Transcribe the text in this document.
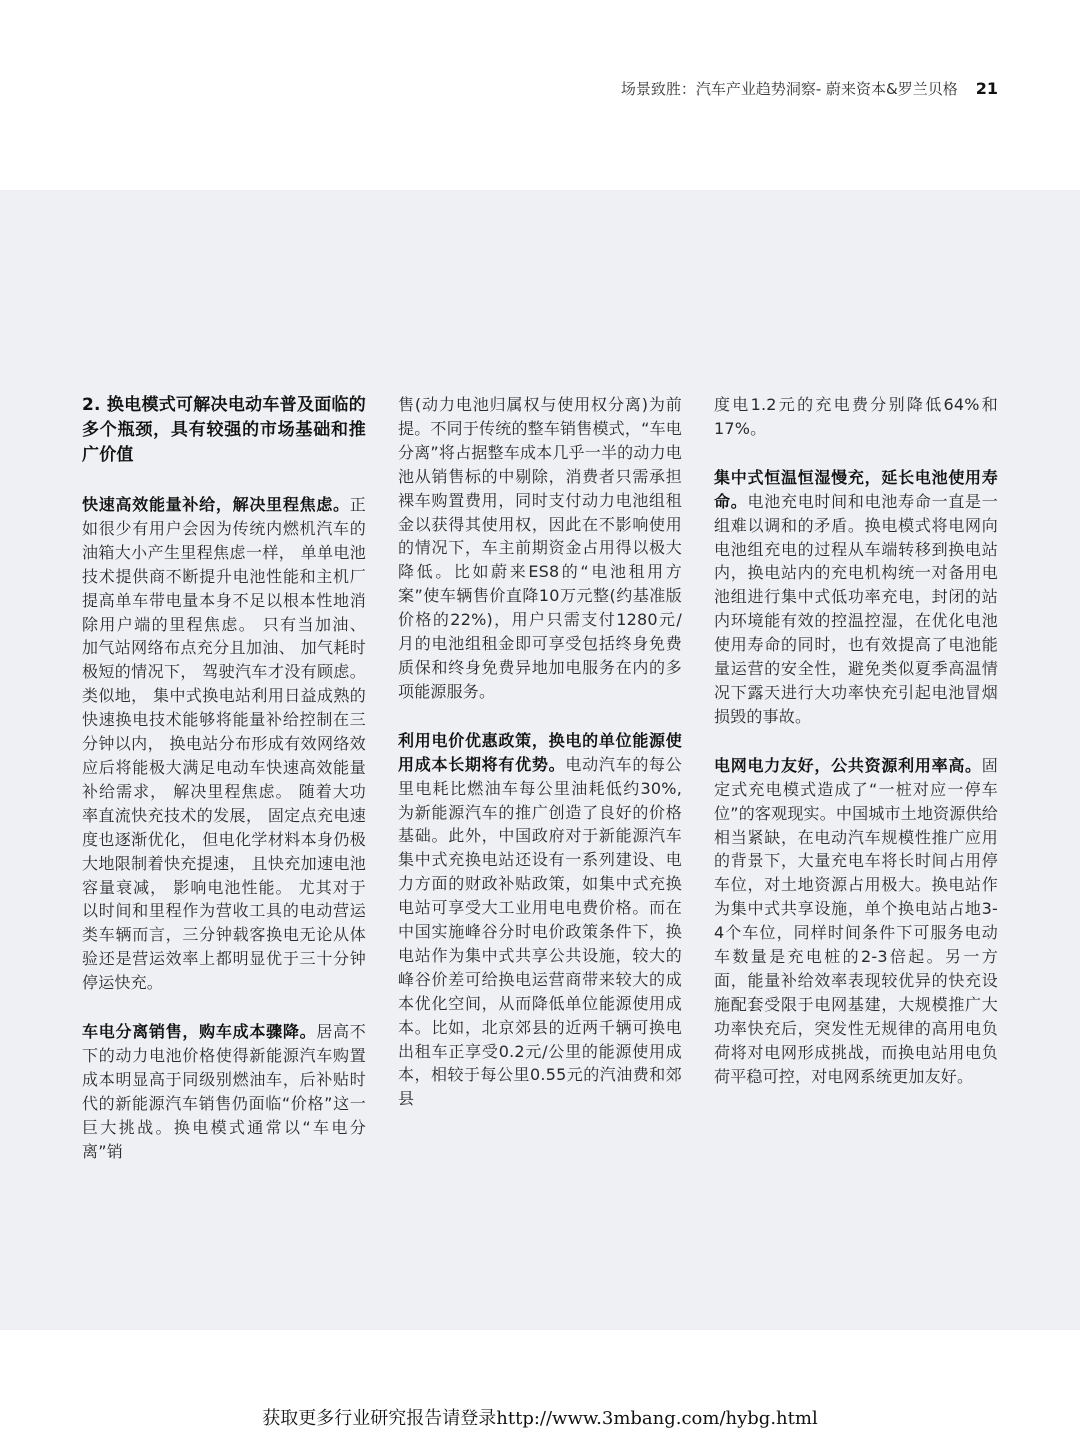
场景致胜：汽车产业趋势洞察- 蔚来资本&罗兰贝格 21

2. 换电模式可解决电动车普及面临的多个瓶颈，具有较强的市场基础和推广价值

快速高效能量补给，解决里程焦虑。正如很少有用户会因为传统内燃机汽车的油箱大小产生里程焦虑一样， 单单电池技术提供商不断提升电池性能和主机厂提高单车带电量本身不足以根本性地消除用户端的里程焦虑。 只有当加油、 加气站网络布点充分且加油、 加气耗时极短的情况下， 驾驶汽车才没有顾虑。 类似地， 集中式换电站利用日益成熟的快速换电技术能够将能量补给控制在三分钟以内， 换电站分布形成有效网络效应后将能极大满足电动车快速高效能量补给需求， 解决里程焦虑。 随着大功率直流快充技术的发展， 固定点充电速度也逐渐优化， 但电化学材料本身仍极大地限制着快充提速， 且快充加速电池容量衰减， 影响电池性能。 尤其对于以时间和里程作为营收工具的电动营运类车辆而言，三分钟载客换电无论从体验还是营运效率上都明显优于三十分钟停运快充。

车电分离销售，购车成本骤降。居高不下的动力电池价格使得新能源汽车购置成本明显高于同级别燃油车，后补贴时代的新能源汽车销售仍面临“价格”这一巨大挑战。换电模式通常以“车电分离”销

售(动力电池归属权与使用权分离)为前提。不同于传统的整车销售模式，“车电分离”将占据整车成本几乎一半的动力电池从销售标的中剔除，消费者只需承担裸车购置费用，同时支付动力电池组租金以获得其使用权，因此在不影响使用的情况下，车主前期资金占用得以极大降低。比如蔚来ES8的“电池租用方案”使车辆售价直降10万元整(约基准版价格的22%)，用户只需支付1280元/月的电池组租金即可享受包括终身免费质保和终身免费异地加电服务在内的多项能源服务。

利用电价优惠政策，换电的单位能源使用成本长期将有优势。电动汽车的每公里电耗比燃油车每公里油耗低约30%,为新能源汽车的推广创造了良好的价格基础。此外，中国政府对于新能源汽车集中式充换电站还设有一系列建设、电力方面的财政补贴政策，如集中式充换电站可享受大工业用电电费价格。而在中国实施峰谷分时电价政策条件下，换电站作为集中式共享公共设施，较大的峰谷价差可给换电运营商带来较大的成本优化空间，从而降低单位能源使用成本。比如，北京郊县的近两千辆可换电出租车正享受0.2元/公里的能源使用成本，相较于每公里0.55元的汽油费和郊县

度电1.2元的充电费分别降低64%和17%。

集中式恒温恒湿慢充，延长电池使用寿命。电池充电时间和电池寿命一直是一组难以调和的矛盾。换电模式将电网向电池组充电的过程从车端转移到换电站内，换电站内的充电机构统一对备用电池组进行集中式低功率充电，封闭的站内环境能有效的控温控湿，在优化电池使用寿命的同时，也有效提高了电池能量运营的安全性，避免类似夏季高温情况下露天进行大功率快充引起电池冒烟损毁的事故。

电网电力友好，公共资源利用率高。固定式充电模式造成了“一桩对应一停车位”的客观现实。中国城市土地资源供给相当紧缺，在电动汽车规模性推广应用的背景下，大量充电车将长时间占用停车位，对土地资源占用极大。换电站作为集中式共享设施，单个换电站占地3-4个车位，同样时间条件下可服务电动车数量是充电桩的2-3倍起。另一方面，能量补给效率表现较优异的快充设施配套受限于电网基建，大规模推广大功率快充后，突发性无规律的高用电负荷将对电网形成挑战，而换电站用电负荷平稳可控，对电网系统更加友好。

获取更多行业研究报告请登录http://www.3mbang.com/hybg.html
